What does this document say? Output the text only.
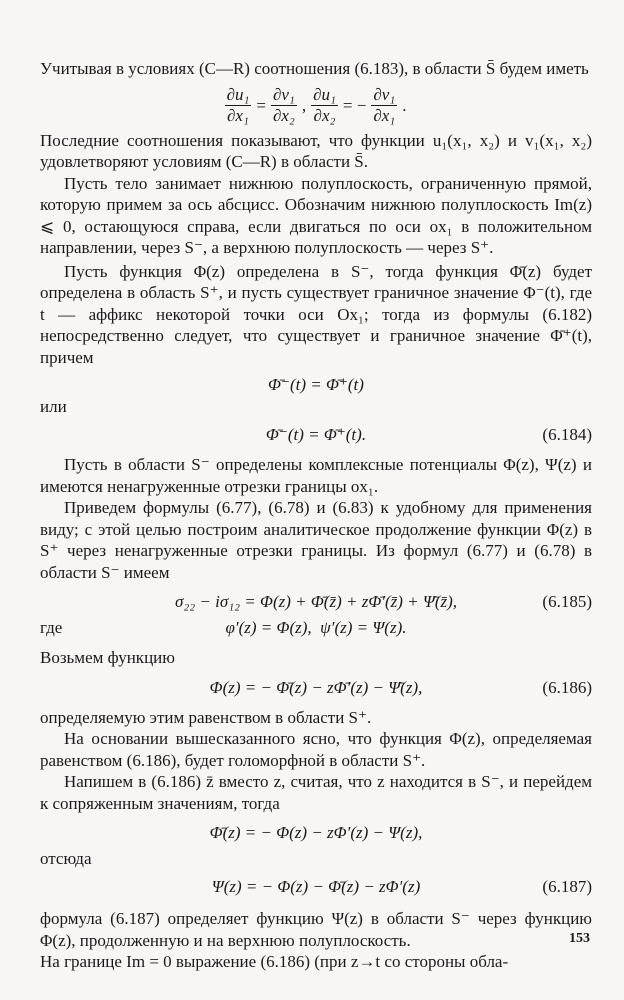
Учитывая в условиях (C—R) соотношения (6.183), в области S̄ будем иметь

$\frac{\text{∂u₁}}{\text{∂x₁}} = \frac{\text{∂v₁}}{\text{∂x₂}}$ , $\frac{\text{∂u₁}}{\text{∂x₂}}$ = − $\frac{\text{∂v₁}}{\text{∂x₁}}$ .

Последние соотношения показывают, что функции u₁(x₁, x₂) и v₁(x₁, x₂) удовлетворяют условиям (C—R) в области S̄.

Пусть тело занимает нижнюю полуплоскость, ограниченную прямой, которую примем за ось абсцисс. Обозначим нижнюю полуплоскость Im(z) ⩽ 0, остающуюся справа, если двигаться по оси ox₁ в положительном направлении, через S⁻, а верхнюю полуплоскость — через S⁺.

Пусть функция Φ(z) определена в S⁻, тогда функция Φ̄(z) будет определена в область S⁺, и пусть существует граничное значение Φ⁻(t), где t — аффикс некоторой точки оси Ox₁; тогда из формулы (6.182) непосредственно следует, что существует и граничное значение Φ̄⁺(t), причем

Φ̄⁻(t) = Φ̄⁺(t)
или
Φ̄⁻(t) = Φ̄⁺(t).	(6.184)

Пусть в области S⁻ определены комплексные потенциалы Φ(z), Ψ(z) и имеются ненагруженные отрезки границы ox₁.

Приведем формулы (6.77), (6.78) и (6.83) к удобному для применения виду; с этой целью построим аналитическое продолжение функции Φ(z) в S⁺ через ненагруженные отрезки границы. Из формул (6.77) и (6.78) в области S⁻ имеем

σ₂₂ − iσ₁₂ = Φ(z) + Φ̄(z̄) + zΦ̄′(z̄) + Ψ̄(z̄),	(6.185)
где	φ′(z) = Φ(z),  ψ′(z) = Ψ(z).

Возьмем функцию

Φ(z) = − Φ̄(z) − zΦ̄′(z) − Ψ̄(z),	(6.186)

определяемую этим равенством в области S⁺.

На основании вышесказанного ясно, что функция Φ(z), определяемая равенством (6.186), будет голоморфной в области S⁺.

Напишем в (6.186) z̄ вместо z, считая, что z находится в S⁻, и перейдем к сопряженным значениям, тогда

Φ̄(z) = − Φ(z) − zΦ′(z) − Ψ(z),
отсюда
Ψ(z) = − Φ(z) − Φ̄(z) − zΦ′(z)	(6.187)

формула (6.187) определяет функцию Ψ(z) в области S⁻ через функцию Φ(z), продолженную и на верхнюю полуплоскость.

На границе Im = 0 выражение (6.186) (при z→t со стороны обла-

153
